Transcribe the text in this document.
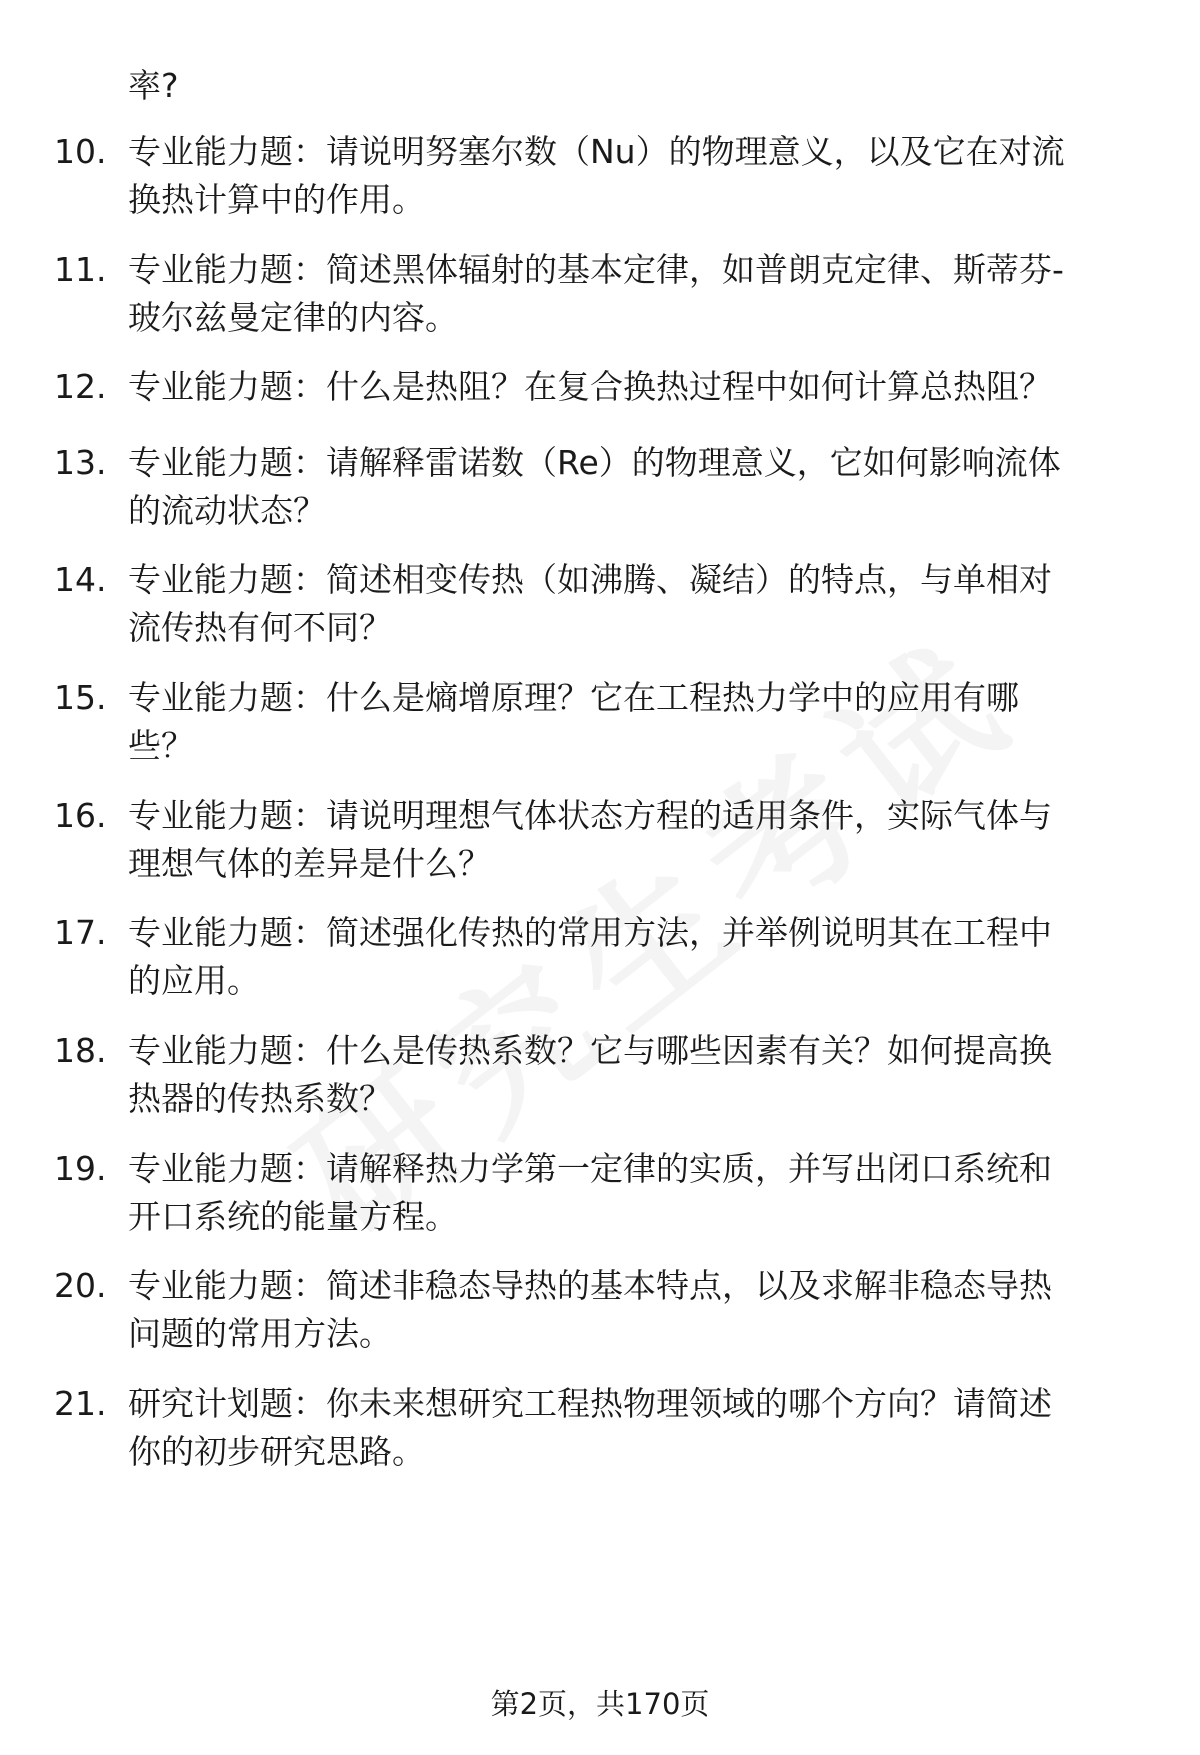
率?
10. 专业能力题：请说明努塞尔数（Nu）的物理意义，以及它在对流
换热计算中的作用。
11. 专业能力题：简述黑体辐射的基本定律，如普朗克定律、斯蒂芬-
玻尔兹曼定律的内容。
12. 专业能力题：什么是热阻？在复合换热过程中如何计算总热阻？
13. 专业能力题：请解释雷诺数（Re）的物理意义，它如何影响流体
的流动状态？
14. 专业能力题：简述相变传热（如沸腾、凝结）的特点，与单相对
流传热有何不同？
15. 专业能力题：什么是熵增原理？它在工程热力学中的应用有哪
些？
16. 专业能力题：请说明理想气体状态方程的适用条件，实际气体与
理想气体的差异是什么？
17. 专业能力题：简述强化传热的常用方法，并举例说明其在工程中
的应用。
18. 专业能力题：什么是传热系数？它与哪些因素有关？如何提高换
热器的传热系数？
19. 专业能力题：请解释热力学第一定律的实质，并写出闭口系统和
开口系统的能量方程。
20. 专业能力题：简述非稳态导热的基本特点，以及求解非稳态导热
问题的常用方法。
21. 研究计划题：你未来想研究工程热物理领域的哪个方向？请简述
你的初步研究思路。
第2页，共170页
